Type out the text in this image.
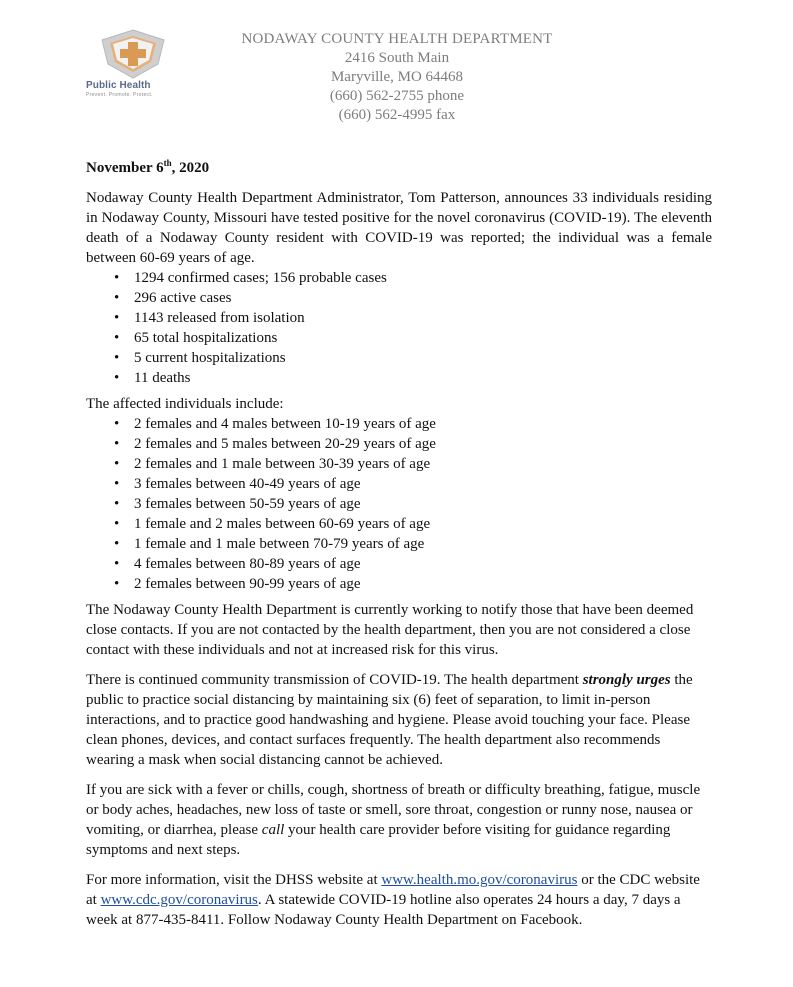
Public Health
Prevent. Promote. Protect.
NODAWAY COUNTY HEALTH DEPARTMENT
2416 South Main
Maryville, MO 64468
(660) 562-2755 phone
(660) 562-4995 fax

November 6th, 2020

Nodaway County Health Department Administrator, Tom Patterson, announces 33 individuals residing in Nodaway County, Missouri have tested positive for the novel coronavirus (COVID-19). The eleventh death of a Nodaway County resident with COVID-19 was reported; the individual was a female between 60-69 years of age.

• 1294 confirmed cases; 156 probable cases
• 296 active cases
• 1143 released from isolation
• 65 total hospitalizations
• 5 current hospitalizations
• 11 deaths

The affected individuals include:

• 2 females and 4 males between 10-19 years of age
• 2 females and 5 males between 20-29 years of age
• 2 females and 1 male between 30-39 years of age
• 3 females between 40-49 years of age
• 3 females between 50-59 years of age
• 1 female and 2 males between 60-69 years of age
• 1 female and 1 male between 70-79 years of age
• 4 females between 80-89 years of age
• 2 females between 90-99 years of age

The Nodaway County Health Department is currently working to notify those that have been deemed close contacts. If you are not contacted by the health department, then you are not considered a close contact with these individuals and not at increased risk for this virus.

There is continued community transmission of COVID-19. The health department strongly urges the public to practice social distancing by maintaining six (6) feet of separation, to limit in-person interactions, and to practice good handwashing and hygiene. Please avoid touching your face. Please clean phones, devices, and contact surfaces frequently. The health department also recommends wearing a mask when social distancing cannot be achieved.

If you are sick with a fever or chills, cough, shortness of breath or difficulty breathing, fatigue, muscle or body aches, headaches, new loss of taste or smell, sore throat, congestion or runny nose, nausea or vomiting, or diarrhea, please call your health care provider before visiting for guidance regarding symptoms and next steps.

For more information, visit the DHSS website at www.health.mo.gov/coronavirus or the CDC website at www.cdc.gov/coronavirus. A statewide COVID-19 hotline also operates 24 hours a day, 7 days a week at 877-435-8411. Follow Nodaway County Health Department on Facebook.
